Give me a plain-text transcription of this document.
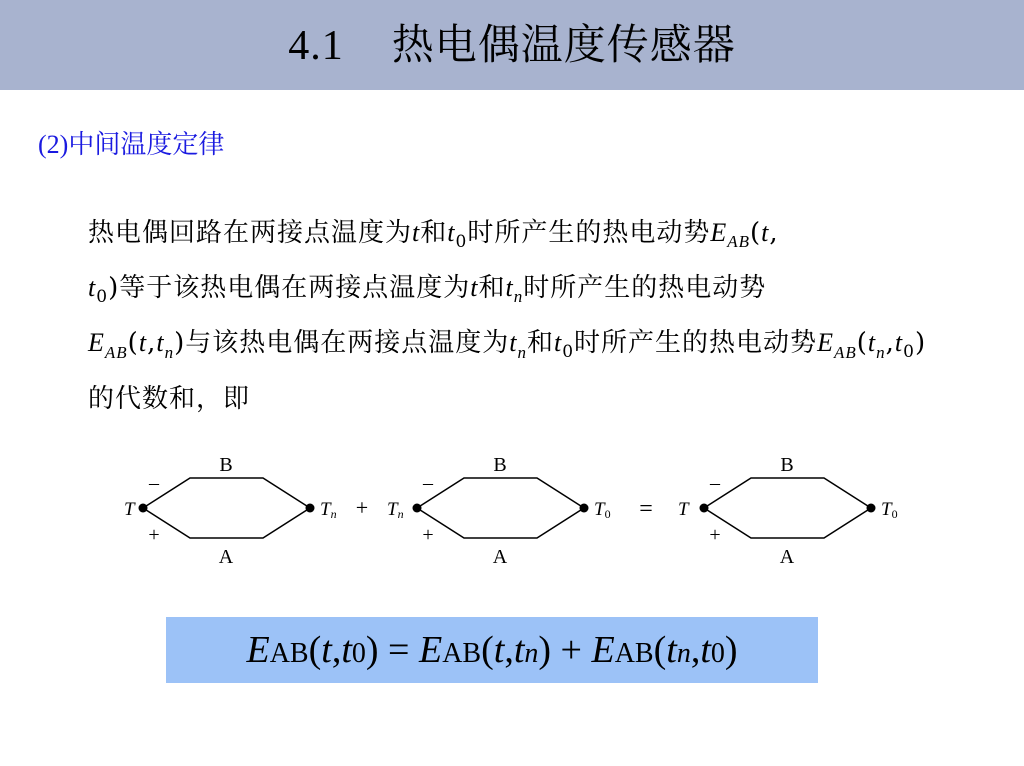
4.1 热电偶温度传感器
(2)中间温度定律
热电偶回路在两接点温度为t和$t_0$时所产生的热电动势$E_{AB}(t$,
$t_0$)等于该热电偶在两接点温度为t和$t_n$时所产生的热电动势
$E_{AB}(t,t_n)$与该热电偶在两接点温度为$t_n$和$t_0$时所产生的热电动势$E_{AB}(t_n,t_0)$的代数和，即
B
A
–
+
T	Tn +
B
A
–
+
Tn	T0 =
B
A
–
+
T	T0
EAB(t,t0) = EAB(t,tn) + EAB(tn,t0)
